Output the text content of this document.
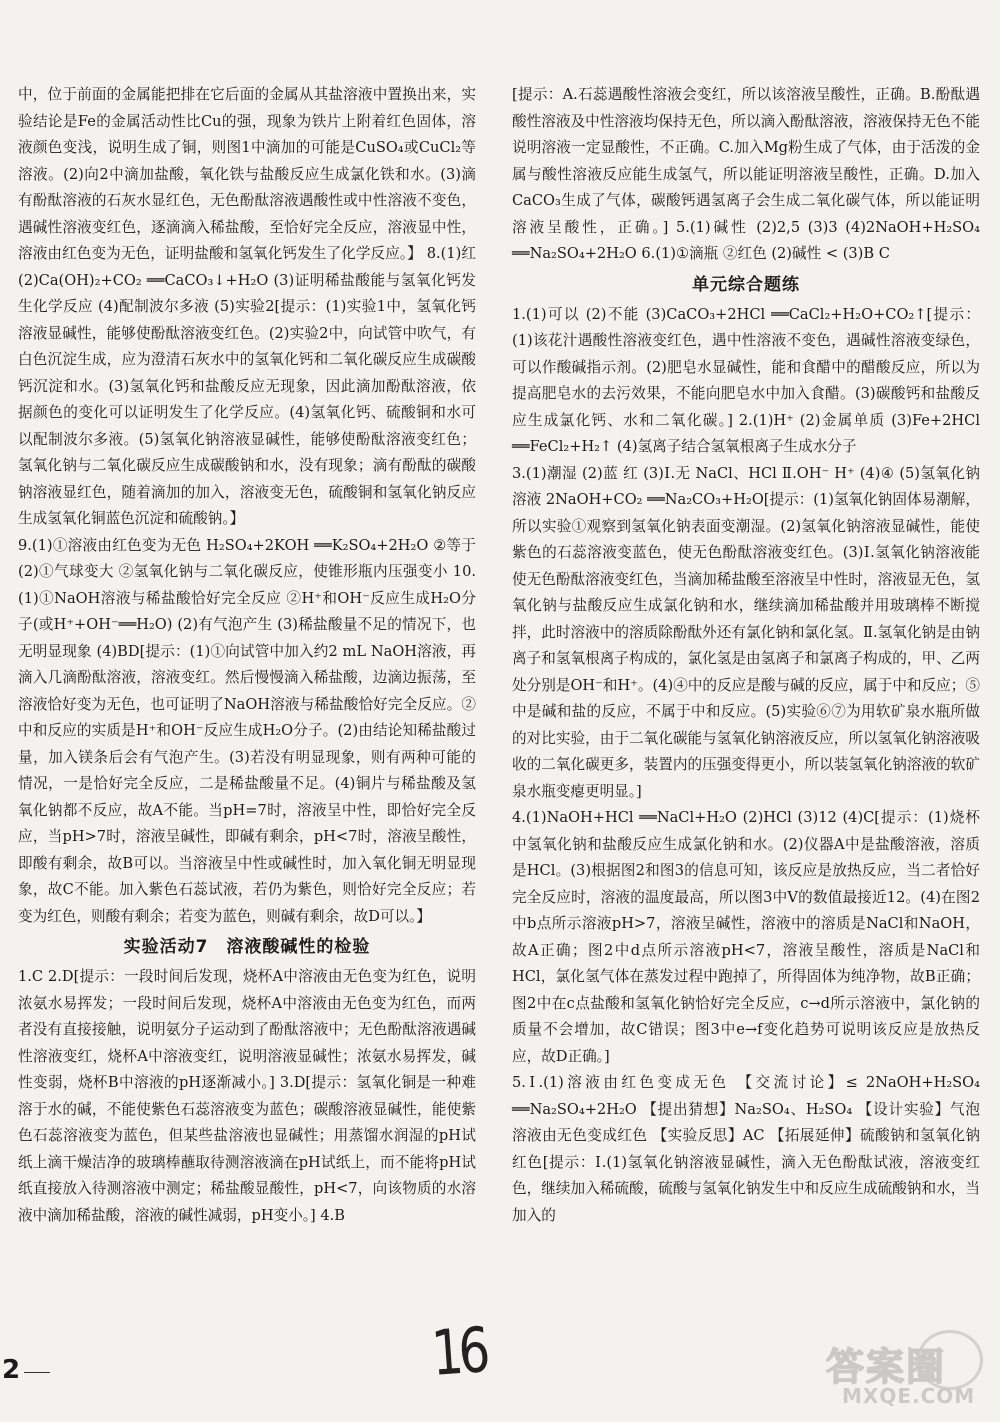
中，位于前面的金属能把排在它后面的金属从其盐溶液中置换出来，实验结论是Fe的金属活动性比Cu的强，现象为铁片上附着红色固体，溶液颜色变浅，说明生成了铜，则图1中滴加的可能是CuSO₄或CuCl₂等溶液。(2)向2中滴加盐酸，氧化铁与盐酸反应生成氯化铁和水。(3)滴有酚酞溶液的石灰水显红色，无色酚酞溶液遇酸性或中性溶液不变色，遇碱性溶液变红色，逐滴滴入稀盐酸，至恰好完全反应，溶液显中性，溶液由红色变为无色，证明盐酸和氢氧化钙发生了化学反应。】 8.(1)红 (2)Ca(OH)₂+CO₂ ══CaCO₃↓+H₂O (3)证明稀盐酸能与氢氧化钙发生化学反应 (4)配制波尔多液 (5)实验2[提示：(1)实验1中，氢氧化钙溶液显碱性，能够使酚酞溶液变红色。(2)实验2中，向试管中吹气，有白色沉淀生成，应为澄清石灰水中的氢氧化钙和二氧化碳反应生成碳酸钙沉淀和水。(3)氢氧化钙和盐酸反应无现象，因此滴加酚酞溶液，依据颜色的变化可以证明发生了化学反应。(4)氢氧化钙、硫酸铜和水可以配制波尔多液。(5)氢氧化钠溶液显碱性，能够使酚酞溶液变红色；氢氧化钠与二氧化碳反应生成碳酸钠和水，没有现象；滴有酚酞的碳酸钠溶液显红色，随着滴加的加入，溶液变无色，硫酸铜和氢氧化钠反应生成氢氧化铜蓝色沉淀和硫酸钠。】

9.(1)①溶液由红色变为无色 H₂SO₄+2KOH ══K₂SO₄+2H₂O ②等于 (2)①气球变大 ②氢氧化钠与二氧化碳反应，使锥形瓶内压强变小 10.(1)①NaOH溶液与稀盐酸恰好完全反应 ②H⁺和OH⁻反应生成H₂O分子(或H⁺+OH⁻══H₂O) (2)有气泡产生 (3)稀盐酸量不足的情况下，也无明显现象 (4)BD[提示：(1)①向试管中加入约2 mL NaOH溶液，再滴入几滴酚酞溶液，溶液变红。然后慢慢滴入稀盐酸，边滴边振荡，至溶液恰好变为无色，也可证明了NaOH溶液与稀盐酸恰好完全反应。②中和反应的实质是H⁺和OH⁻反应生成H₂O分子。(2)由结论知稀盐酸过量，加入镁条后会有气泡产生。(3)若没有明显现象，则有两种可能的情况，一是恰好完全反应，二是稀盐酸量不足。(4)铜片与稀盐酸及氢氧化钠都不反应，故A不能。当pH=7时，溶液呈中性，即恰好完全反应，当pH>7时，溶液呈碱性，即碱有剩余，pH<7时，溶液呈酸性，即酸有剩余，故B可以。当溶液呈中性或碱性时，加入氧化铜无明显现象，故C不能。加入紫色石蕊试液，若仍为紫色，则恰好完全反应；若变为红色，则酸有剩余；若变为蓝色，则碱有剩余，故D可以。】

实验活动7　溶液酸碱性的检验

1.C 2.D[提示：一段时间后发现，烧杯A中溶液由无色变为红色，说明浓氨水易挥发；一段时间后发现，烧杯A中溶液由无色变为红色，而两者没有直接接触，说明氨分子运动到了酚酞溶液中；无色酚酞溶液遇碱性溶液变红，烧杯A中溶液变红，说明溶液显碱性；浓氨水易挥发，碱性变弱，烧杯B中溶液的pH逐渐减小。] 3.D[提示：氢氧化铜是一种难溶于水的碱，不能使紫色石蕊溶液变为蓝色；碳酸溶液显碱性，能使紫色石蕊溶液变为蓝色，但某些盐溶液也显碱性；用蒸馏水润湿的pH试纸上滴干燥洁净的玻璃棒蘸取待测溶液滴在pH试纸上，而不能将pH试纸直接放入待测溶液中测定；稀盐酸显酸性，pH<7，向该物质的水溶液中滴加稀盐酸，溶液的碱性减弱，pH变小。] 4.B

[提示：A.石蕊遇酸性溶液会变红，所以该溶液呈酸性，正确。B.酚酞遇酸性溶液及中性溶液均保持无色，所以滴入酚酞溶液，溶液保持无色不能说明溶液一定显酸性，不正确。C.加入Mg粉生成了气体，由于活泼的金属与酸性溶液反应能生成氢气，所以能证明溶液呈酸性，正确。D.加入CaCO₃生成了气体，碳酸钙遇氢离子会生成二氧化碳气体，所以能证明溶液呈酸性，正确。] 5.(1)碱性 (2)2,5 (3)3 (4)2NaOH+H₂SO₄ ══Na₂SO₄+2H₂O 6.(1)①滴瓶 ②红色 (2)碱性 < (3)B C

单元综合题练

1.(1)可以 (2)不能 (3)CaCO₃+2HCl ══CaCl₂+H₂O+CO₂↑[提示：(1)该花汁遇酸性溶液变红色，遇中性溶液不变色，遇碱性溶液变绿色，可以作酸碱指示剂。(2)肥皂水显碱性，能和食醋中的醋酸反应，所以为提高肥皂水的去污效果，不能向肥皂水中加入食醋。(3)碳酸钙和盐酸反应生成氯化钙、水和二氧化碳。] 2.(1)H⁺ (2)金属单质 (3)Fe+2HCl ══FeCl₂+H₂↑ (4)氢离子结合氢氧根离子生成水分子

3.(1)潮湿 (2)蓝 红 (3)Ⅰ.无 NaCl、HCl Ⅱ.OH⁻ H⁺ (4)④ (5)氢氧化钠溶液 2NaOH+CO₂ ══Na₂CO₃+H₂O[提示：(1)氢氧化钠固体易潮解，所以实验①观察到氢氧化钠表面变潮湿。(2)氢氧化钠溶液显碱性，能使紫色的石蕊溶液变蓝色，使无色酚酞溶液变红色。(3)Ⅰ.氢氧化钠溶液能使无色酚酞溶液变红色，当滴加稀盐酸至溶液呈中性时，溶液显无色，氢氧化钠与盐酸反应生成氯化钠和水，继续滴加稀盐酸并用玻璃棒不断搅拌，此时溶液中的溶质除酚酞外还有氯化钠和氯化氢。Ⅱ.氢氧化钠是由钠离子和氢氧根离子构成的，氯化氢是由氢离子和氯离子构成的，甲、乙两处分别是OH⁻和H⁺。(4)④中的反应是酸与碱的反应，属于中和反应；⑤中是碱和盐的反应，不属于中和反应。(5)实验⑥⑦为用软矿泉水瓶所做的对比实验，由于二氧化碳能与氢氧化钠溶液反应，所以氢氧化钠溶液吸收的二氧化碳更多，装置内的压强变得更小，所以装氢氧化钠溶液的软矿泉水瓶变瘪更明显。]

4.(1)NaOH+HCl ══NaCl+H₂O (2)HCl (3)12 (4)C[提示：(1)烧杯中氢氧化钠和盐酸反应生成氯化钠和水。(2)仪器A中是盐酸溶液，溶质是HCl。(3)根据图2和图3的信息可知，该反应是放热反应，当二者恰好完全反应时，溶液的温度最高，所以图3中V的数值最接近12。(4)在图2中b点所示溶液pH>7，溶液呈碱性，溶液中的溶质是NaCl和NaOH，故A正确；图2中d点所示溶液pH<7，溶液呈酸性，溶质是NaCl和HCl，氯化氢气体在蒸发过程中跑掉了，所得固体为纯净物，故B正确；图2中在c点盐酸和氢氧化钠恰好完全反应，c→d所示溶液中，氯化钠的质量不会增加，故C错误；图3中e→f变化趋势可说明该反应是放热反应，故D正确。]

5.Ⅰ.(1)溶液由红色变成无色 【交流讨论】≤ 2NaOH+H₂SO₄ ══Na₂SO₄+2H₂O 【提出猜想】Na₂SO₄、H₂SO₄ 【设计实验】气泡 溶液由无色变成红色 【实验反思】AC 【拓展延伸】硫酸钠和氢氧化钠 红色[提示：Ⅰ.(1)氢氧化钠溶液显碱性，滴入无色酚酞试液，溶液变红色，继续加入稀硫酸，硫酸与氢氧化钠发生中和反应生成硫酸钠和水，当加入的

2	16	答案圈
MXQE.COM
